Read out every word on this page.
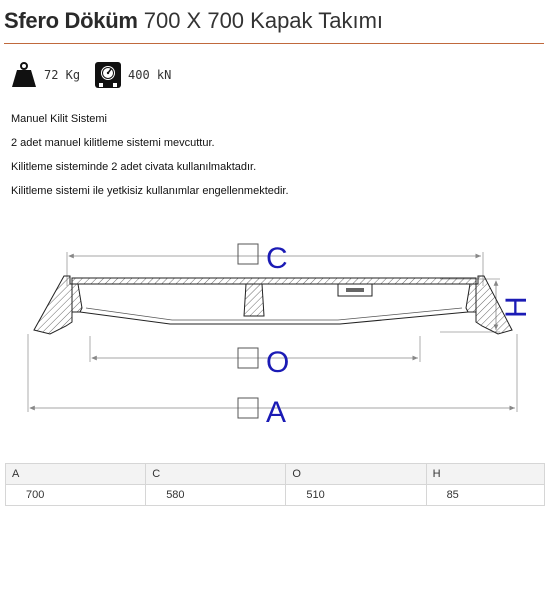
Sfero Döküm 700 X 700 Kapak Takımı
72 Kg	400 kN
Manuel Kilit Sistemi
2 adet manuel kilitleme sistemi mevcuttur.
Kilitleme sisteminde 2 adet civata kullanılmaktadır.
Kilitleme sistemi ile yetkisiz kullanımlar engellenmektedir.
C
O
A
H
A	C	O	H
700	580	510	85
